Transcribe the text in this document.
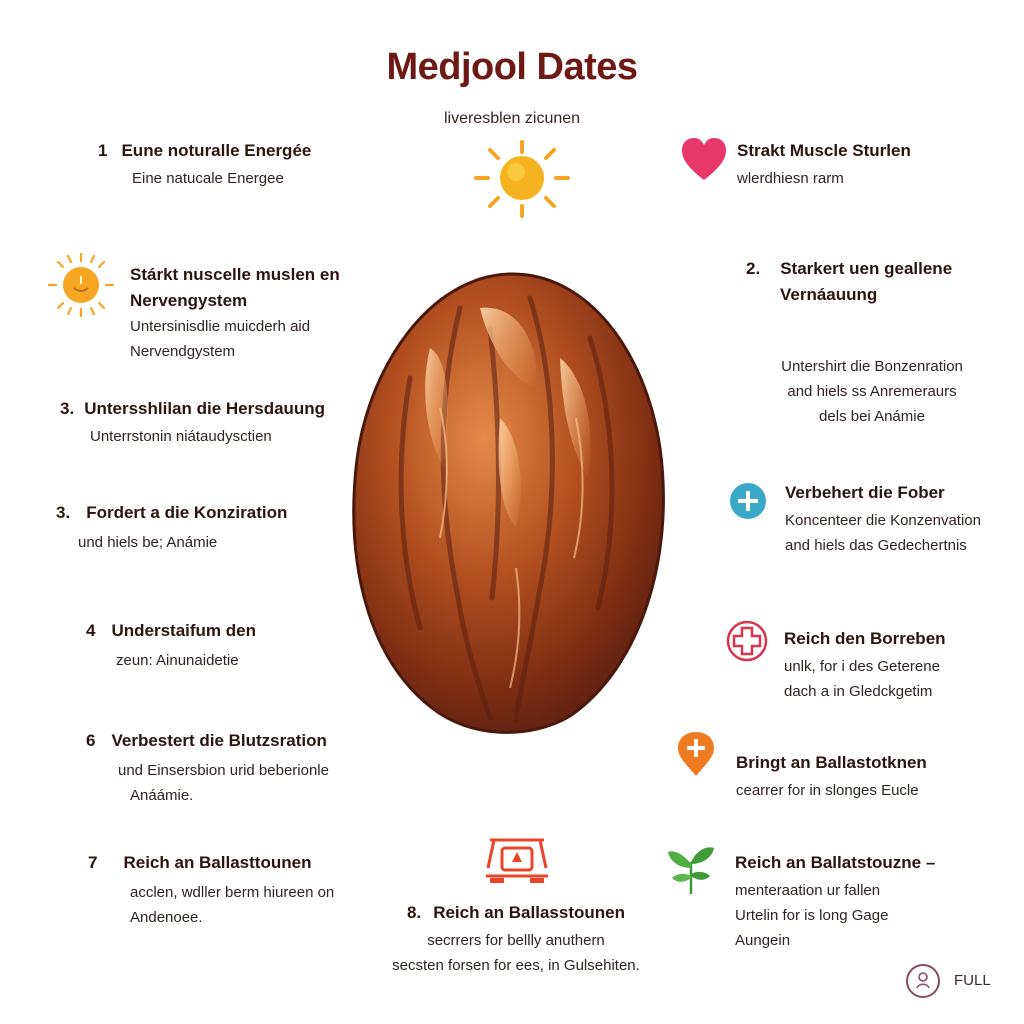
Medjool Dates
liveresblen zicunen
1 Eune noturalle Energée
Eine natucale Energee
Stárkt nuscelle muslen en
Nervengystem
Untersinisdlie muicderh aid
Nervendgystem
3. Untersshlilan die Hersdauung
Unterrstonin niátaudysctien
3. Fordert a die Konziration
und hiels be; Anámie
4 Understaifum den
zeun: Ainunaidetie
6 Verbestert die Blutzsration
und Einsersbion urid beberionle
Anáámie.
7 Reich an Ballasttounen
acclen, wdller berm hiureen on
Andenoee.
Strakt Muscle Sturlen
wlerdhiesn rarm
2. Starkert uen geallene
Vernáauung
Untershirt die Bonzenration
and hiels ss Anremeraurs
dels bei Anámie
Verbehert die Fober
Koncenteer die Konzenvation
and hiels das Gedechertnis
Reich den Borreben
unlk, for i des Geterene
dach a in Gledckgetim
Bringt an Ballastotknen
cearrer for in slonges Eucle
Reich an Ballatstouzne –
menteraation ur fallen
Urtelin for is long Gage
Aungein
8. Reich an Ballasstounen
secrrers for bellly anuthern
secsten forsen for ees, in Gulsehiten.
FULL
